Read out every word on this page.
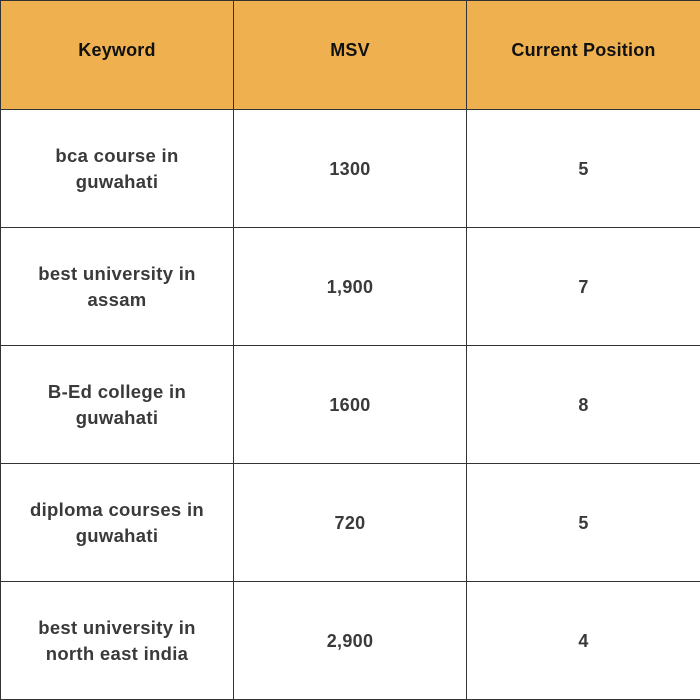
Keyword	MSV	Current Position
bca course in guwahati	1300	5
best university in assam	1,900	7
B-Ed college in guwahati	1600	8
diploma courses in guwahati	720	5
best university in north east india	2,900	4
